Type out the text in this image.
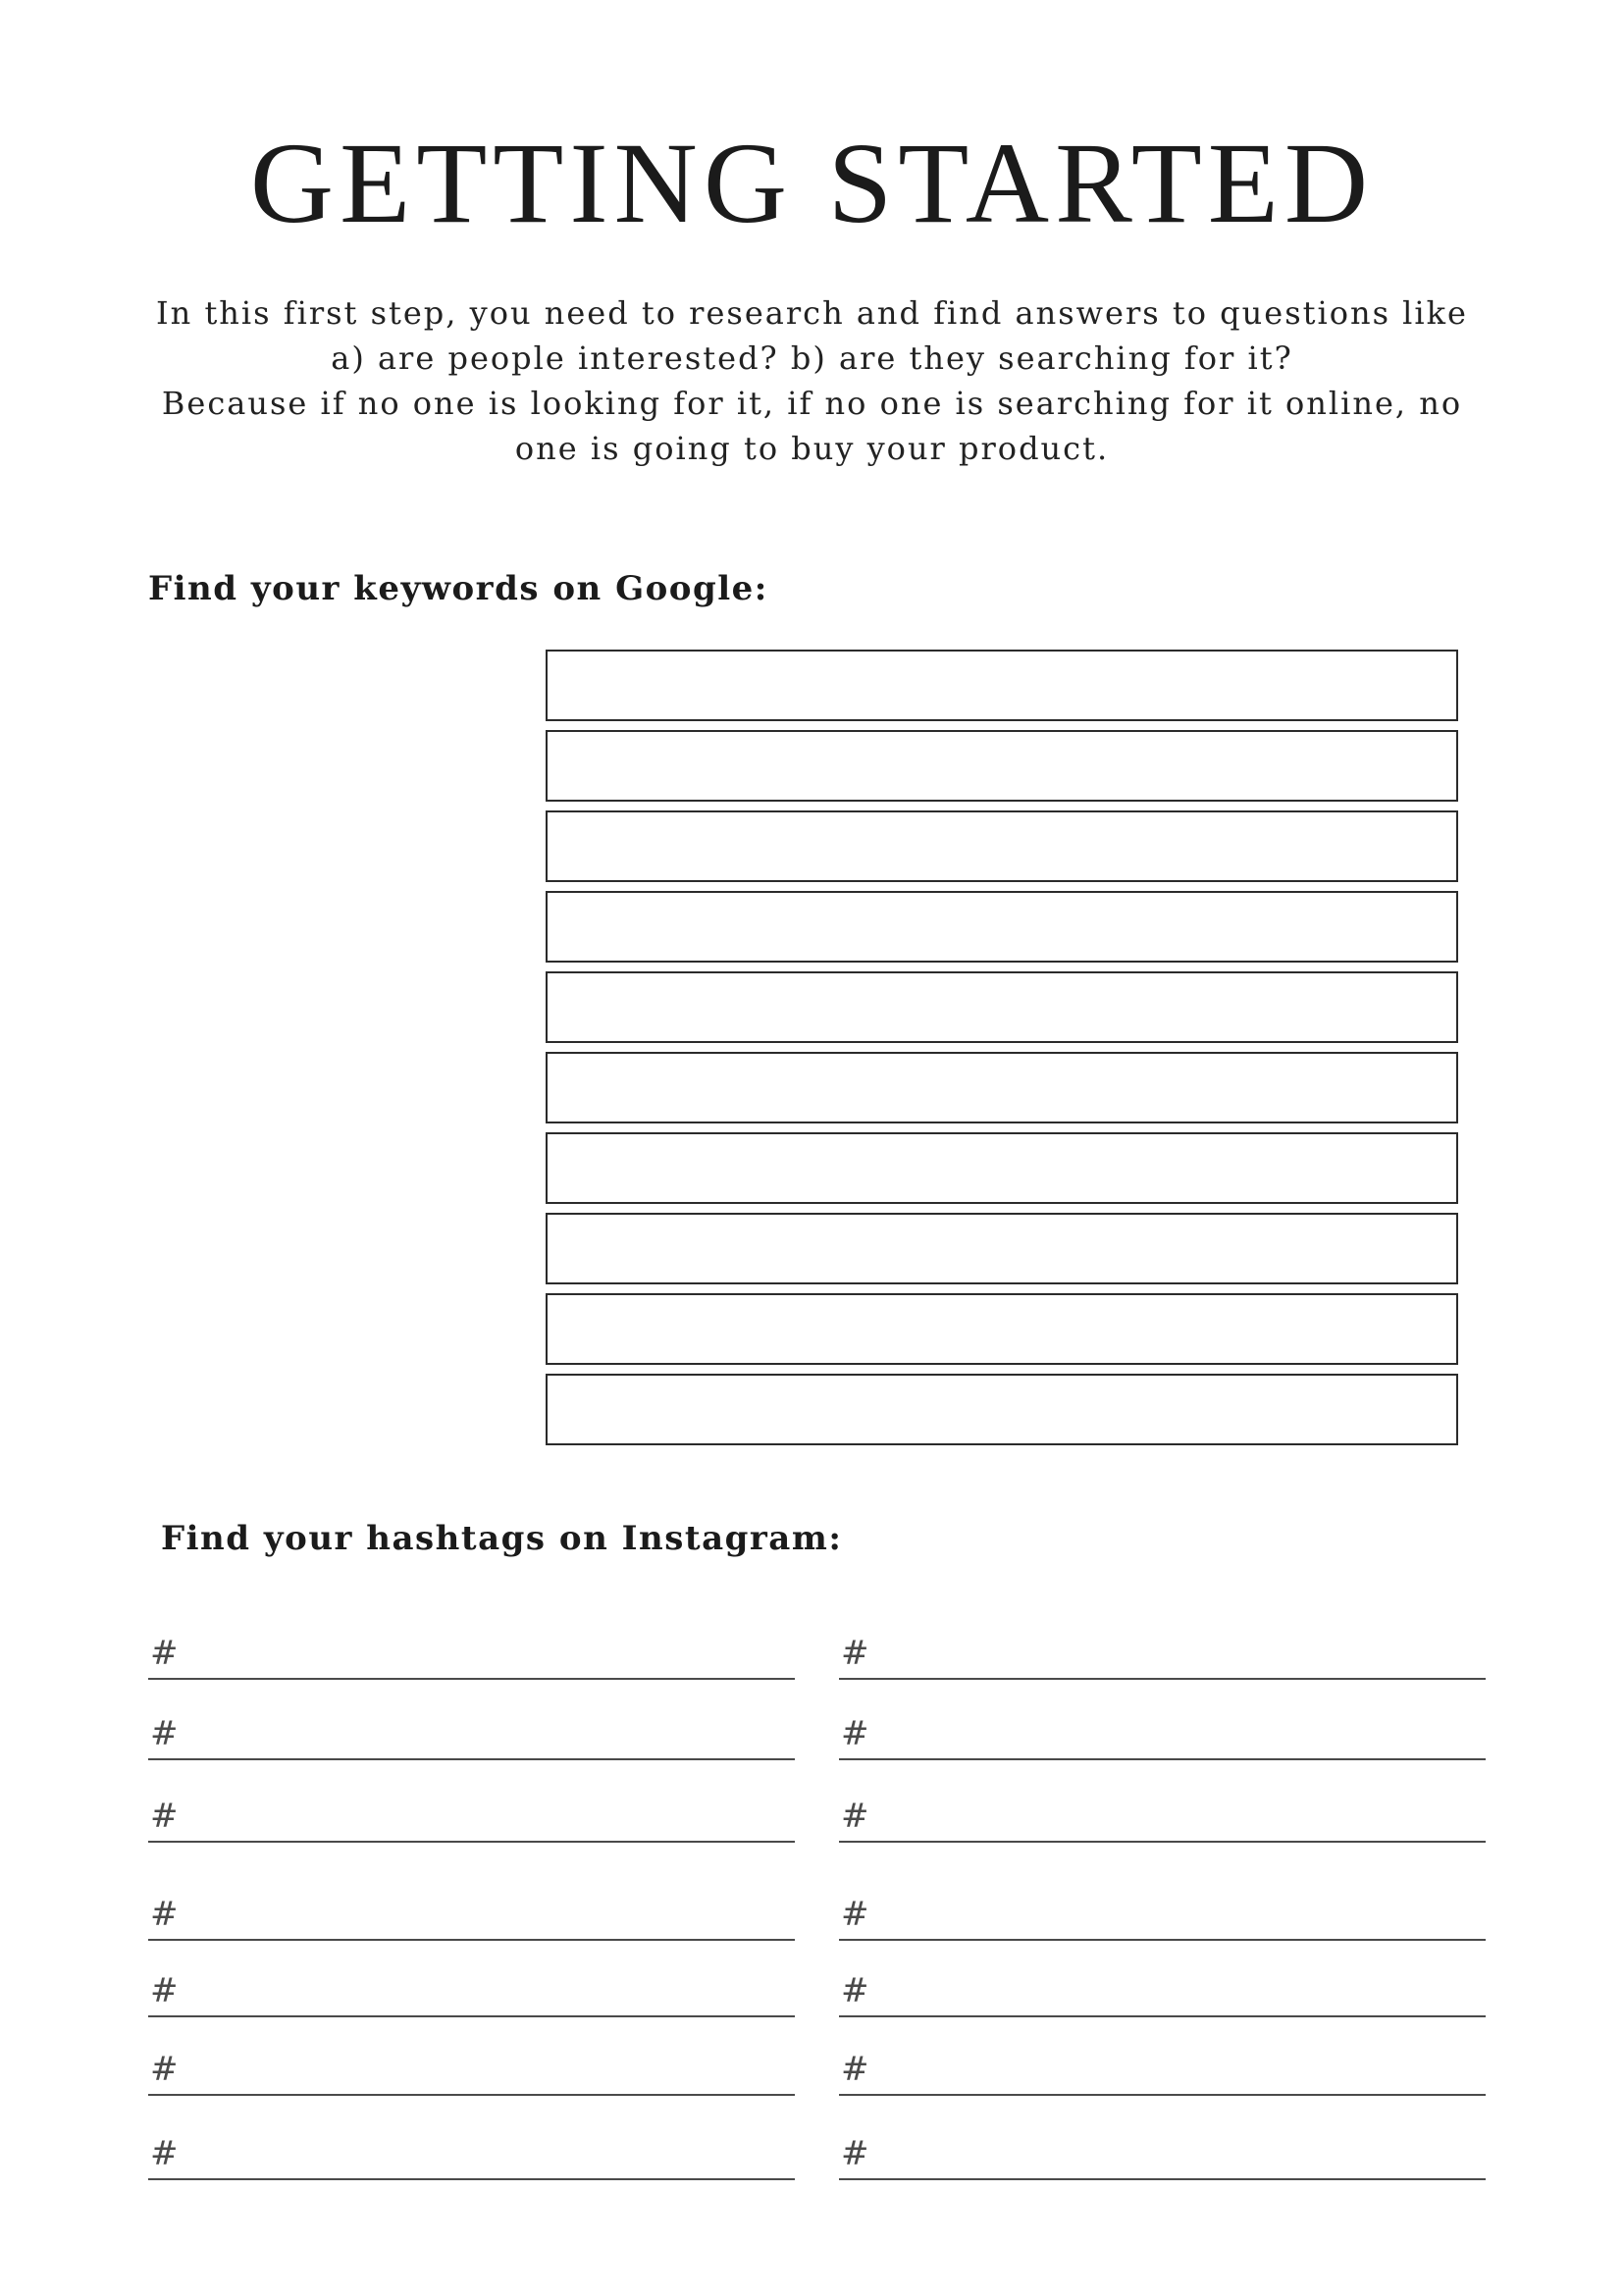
GETTING STARTED
In this first step, you need to research and find answers to questions like
a) are people interested? b) are they searching for it?
Because if no one is looking for it, if no one is searching for it online, no
one is going to buy your product.
Find your keywords on Google:
Find your hashtags on Instagram:
#
#
#
#
#
#
#
#
#
#
#
#
#
#
